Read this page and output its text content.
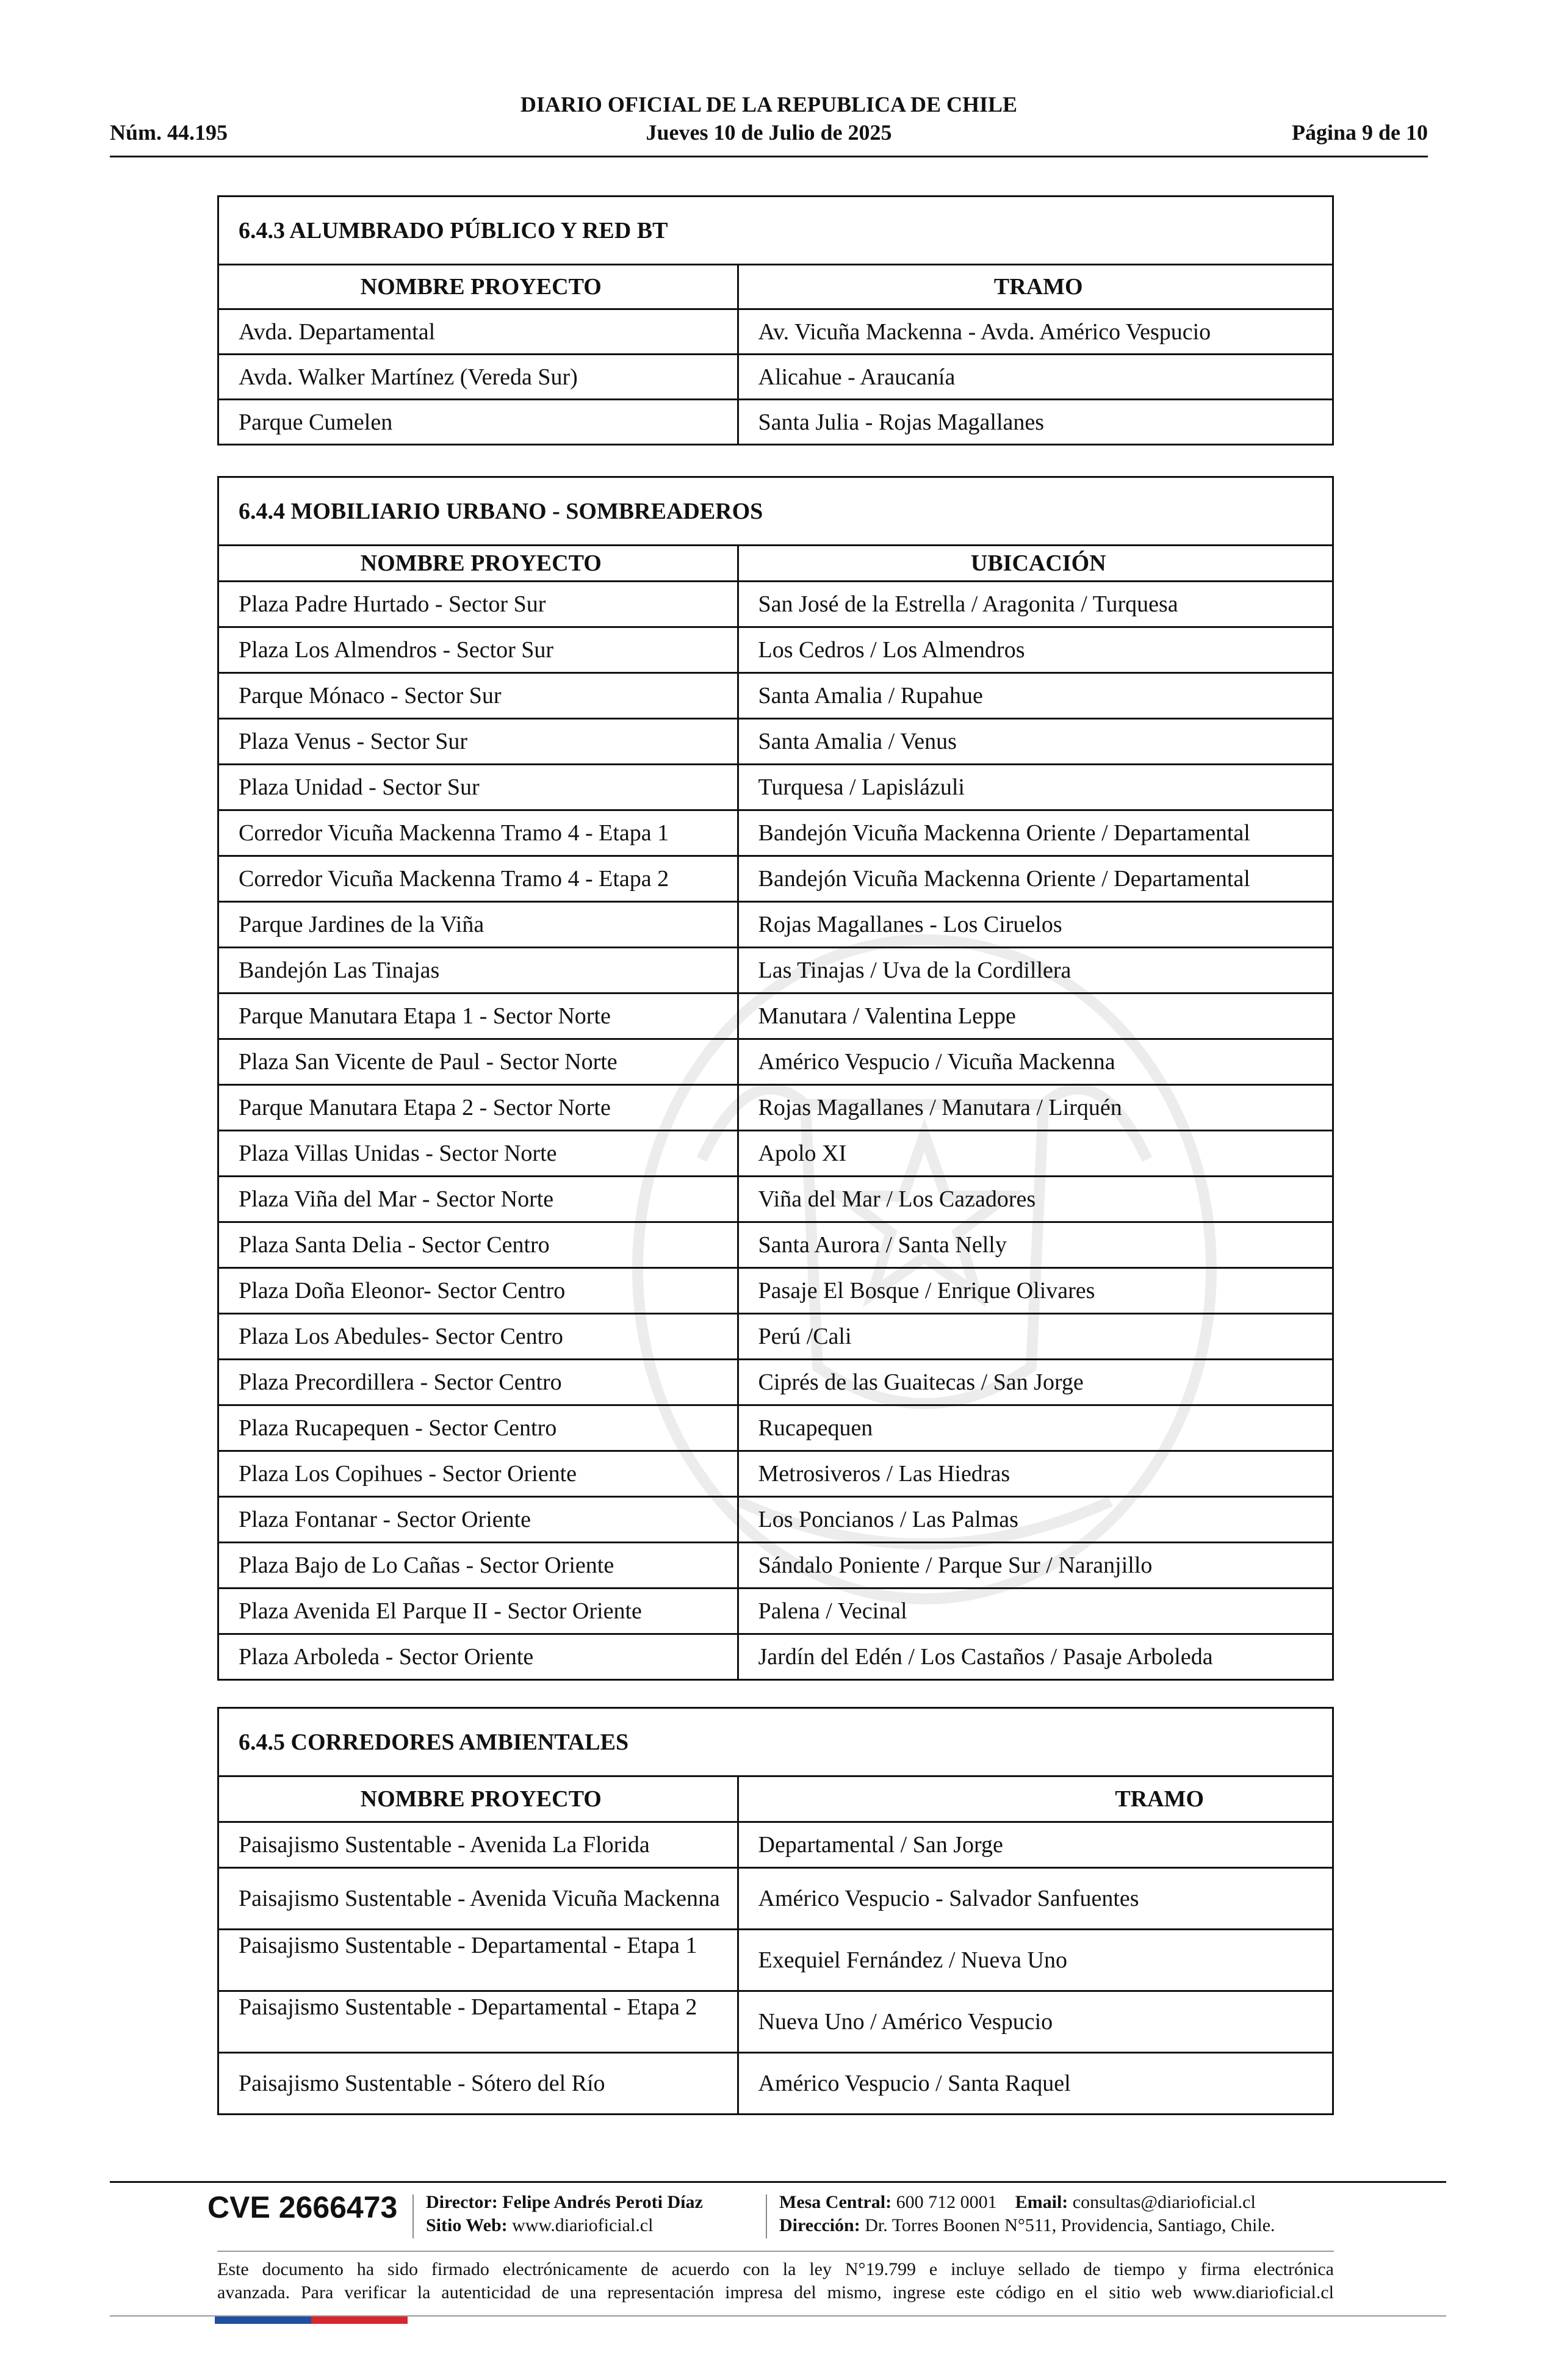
DIARIO OFICIAL DE LA REPUBLICA DE CHILE
Núm. 44.195	Jueves 10 de Julio de 2025	Página 9 de 10
6.4.3 ALUMBRADO PÚBLICO Y RED BT
NOMBRE PROYECTO	TRAMO
Avda. Departamental	Av. Vicuña Mackenna - Avda. Américo Vespucio
Avda. Walker Martínez (Vereda Sur)	Alicahue - Araucanía
Parque Cumelen	Santa Julia - Rojas Magallanes
6.4.4 MOBILIARIO URBANO - SOMBREADEROS
NOMBRE PROYECTO	UBICACIÓN
Plaza Padre Hurtado - Sector Sur	San José de la Estrella / Aragonita / Turquesa
Plaza Los Almendros - Sector Sur	Los Cedros / Los Almendros
Parque Mónaco - Sector Sur	Santa Amalia / Rupahue
Plaza Venus - Sector Sur	Santa Amalia / Venus
Plaza Unidad - Sector Sur	Turquesa / Lapislázuli
Corredor Vicuña Mackenna Tramo 4 - Etapa 1	Bandejón Vicuña Mackenna Oriente / Departamental
Corredor Vicuña Mackenna Tramo 4 - Etapa 2	Bandejón Vicuña Mackenna Oriente / Departamental
Parque Jardines de la Viña	Rojas Magallanes - Los Ciruelos
Bandejón Las Tinajas	Las Tinajas / Uva de la Cordillera
Parque Manutara Etapa 1 - Sector Norte	Manutara / Valentina Leppe
Plaza San Vicente de Paul - Sector Norte	Américo Vespucio / Vicuña Mackenna
Parque Manutara Etapa 2 - Sector Norte	Rojas Magallanes / Manutara / Lirquén
Plaza Villas Unidas - Sector Norte	Apolo XI
Plaza Viña del Mar - Sector Norte	Viña del Mar / Los Cazadores
Plaza Santa Delia - Sector Centro	Santa Aurora / Santa Nelly
Plaza Doña Eleonor- Sector Centro	Pasaje El Bosque / Enrique Olivares
Plaza Los Abedules- Sector Centro	Perú /Cali
Plaza Precordillera - Sector Centro	Ciprés de las Guaitecas / San Jorge
Plaza Rucapequen - Sector Centro	Rucapequen
Plaza Los Copihues - Sector Oriente	Metrosiveros / Las Hiedras
Plaza Fontanar - Sector Oriente	Los Poncianos / Las Palmas
Plaza Bajo de Lo Cañas - Sector Oriente	Sándalo Poniente / Parque Sur / Naranjillo
Plaza Avenida El Parque II - Sector Oriente	Palena / Vecinal
Plaza Arboleda - Sector Oriente	Jardín del Edén / Los Castaños / Pasaje Arboleda
6.4.5 CORREDORES AMBIENTALES
NOMBRE PROYECTO	TRAMO
Paisajismo Sustentable - Avenida La Florida	Departamental / San Jorge
Paisajismo Sustentable - Avenida Vicuña Mackenna	Américo Vespucio - Salvador Sanfuentes
Paisajismo Sustentable - Departamental - Etapa 1	Exequiel Fernández / Nueva Uno
Paisajismo Sustentable - Departamental - Etapa 2	Nueva Uno / Américo Vespucio
Paisajismo Sustentable - Sótero del Río	Américo Vespucio / Santa Raquel
CVE 2666473 Director: Felipe Andrés Peroti Díaz
Sitio Web: www.diarioficial.cl
Mesa Central: 600 712 0001 Email: consultas@diarioficial.cl
Dirección: Dr. Torres Boonen N°511, Providencia, Santiago, Chile.
Este documento ha sido firmado electrónicamente de acuerdo con la ley N°19.799 e incluye sellado de tiempo y firma electrónica
avanzada. Para verificar la autenticidad de una representación impresa del mismo, ingrese este código en el sitio web www.diarioficial.cl
